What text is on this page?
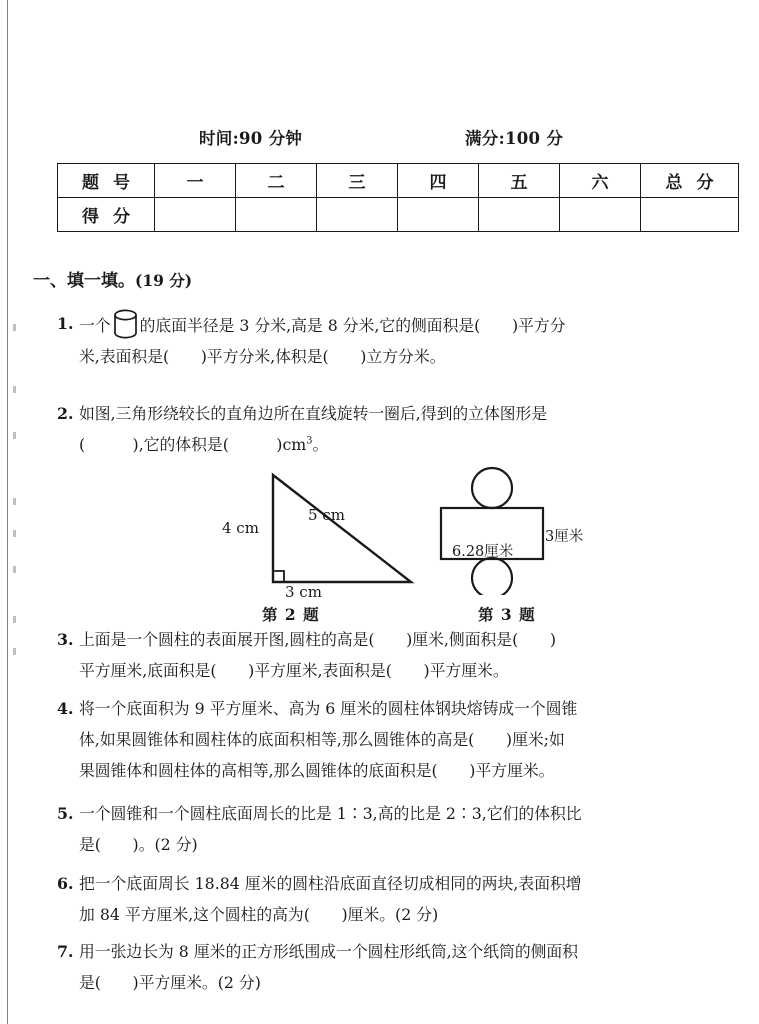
时间:90 分钟	满分:100 分
题 号	一	二	三	四	五	六	总 分
得 分							
一、填一填。(19 分)
1. 一个 的底面半径是 3 分米,高是 8 分米,它的侧面积是(　　)平方分
米,表面积是(　　)平方分米,体积是(　　)立方分米。
2. 如图,三角形绕较长的直角边所在直线旋转一圈后,得到的立体图形是
(　　　),它的体积是(　　　)$cm^3$。
4 cm
5 cm
3 cm
第 2 题
6.28厘米
3厘米
第 3 题
3. 上面是一个圆柱的表面展开图,圆柱的高是(　　)厘米,侧面积是(　　)
平方厘米,底面积是(　　)平方厘米,表面积是(　　)平方厘米。
4. 将一个底面积为 9 平方厘米、高为 6 厘米的圆柱体钢块熔铸成一个圆锥
体,如果圆锥体和圆柱体的底面积相等,那么圆锥体的高是(　　)厘米;如
果圆锥体和圆柱体的高相等,那么圆锥体的底面积是(　　)平方厘米。
5. 一个圆锥和一个圆柱底面周长的比是 1∶3,高的比是 2∶3,它们的体积比
是(　　)。(2 分)
6. 把一个底面周长 18.84 厘米的圆柱沿底面直径切成相同的两块,表面积增
加 84 平方厘米,这个圆柱的高为(　　)厘米。(2 分)
7. 用一张边长为 8 厘米的正方形纸围成一个圆柱形纸筒,这个纸筒的侧面积
是(　　)平方厘米。(2 分)
